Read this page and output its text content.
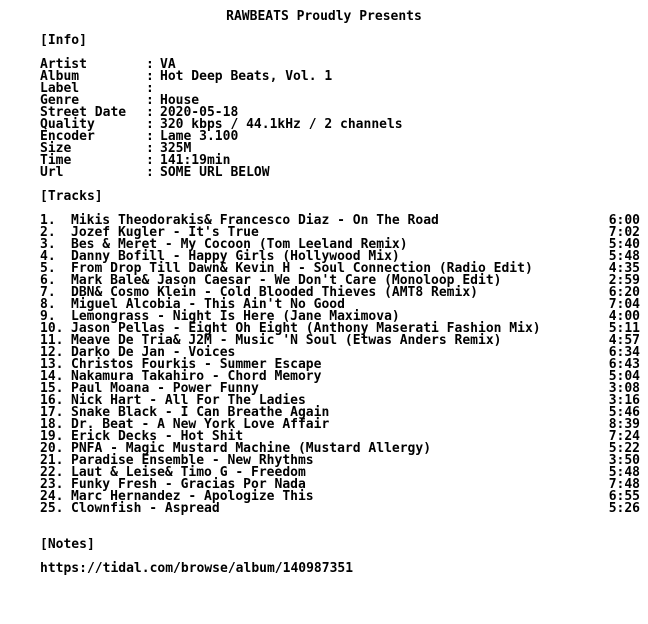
RAWBEATS Proudly Presents
[Info]
Artist	: VA
Album	: Hot Deep Beats, Vol. 1
Label	:
Genre	: House
Street Date	: 2020-05-18
Quality	: 320 kbps / 44.1kHz / 2 channels
Encoder	: Lame 3.100
Size	: 325M
Time	: 141:19min
Url	: SOME URL BELOW
[Tracks]
1. Mikis Theodorakis& Francesco Diaz - On The Road	6:00
2. Jozef Kugler - It's True	7:02
3. Bes & Meret - My Cocoon (Tom Leeland Remix)	5:40
4. Danny Bofill - Happy Girls (Hollywood Mix)	5:48
5. From Drop Till Dawn& Kevin H - Soul Connection (Radio Edit)	4:35
6. Mark Bale& Jason Caesar - We Don't Care (Monoloop Edit)	2:59
7. DBN& Cosmo Klein - Cold Blooded Thieves (AMT8 Remix)	6:20
8. Miguel Alcobia - This Ain't No Good	7:04
9. Lemongrass - Night Is Here (Jane Maximova)	4:00
10. Jason Pellas - Eight Oh Eight (Anthony Maserati Fashion Mix)	5:11
11. Meave De Tria& J2M - Music 'N Soul (Etwas Anders Remix)	4:57
12. Darko De Jan - Voices	6:34
13. Christos Fourkis - Summer Escape	6:43
14. Nakamura Takahiro - Chord Memory	5:04
15. Paul Moana - Power Funny	3:08
16. Nick Hart - All For The Ladies	3:16
17. Snake Black - I Can Breathe Again	5:46
18. Dr. Beat - A New York Love Affair	8:39
19. Erick Decks - Hot Shit	7:24
20. PNFA - Magic Mustard Machine (Mustard Allergy)	5:22
21. Paradise Ensemble - New Rhythms	3:50
22. Laut & Leise& Timo G - Freedom	5:48
23. Funky Fresh - Gracias Por Nada	7:48
24. Marc Hernandez - Apologize This	6:55
25. Clownfish - Aspread	5:26
[Notes]
https://tidal.com/browse/album/140987351
